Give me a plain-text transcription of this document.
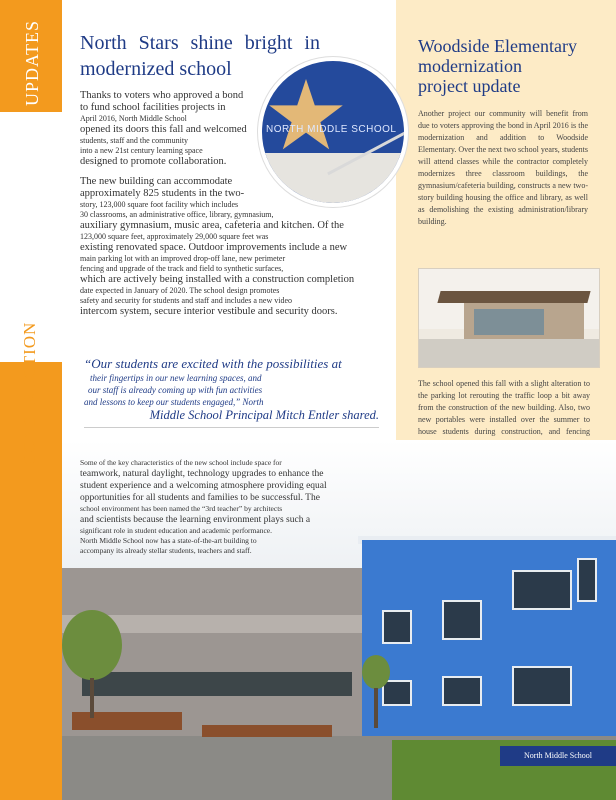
UPDATES
CONSTRUCTION
North Stars shine bright in modernized school
Thanks to voters who approved a bond
to fund school facilities projects in
April 2016, North Middle School
opened its doors this fall and welcomed
students, staff and the community
into a new 21st century learning space
designed to promote collaboration.
The new building can accommodate
approximately 825 students in the two-
story, 123,000 square foot facility which includes
30 classrooms, an administrative office, library, gymnasium,
auxiliary gymnasium, music area, cafeteria and kitchen. Of the
123,000 square feet, approximately 29,000 square feet was
existing renovated space. Outdoor improvements include a new
main parking lot with an improved drop-off lane, new perimeter
fencing and upgrade of the track and field to synthetic surfaces,
which are actively being installed with a construction completion
date expected in January of 2020. The school design promotes
safety and security for students and staff and includes a new video
intercom system, secure interior vestibule and security doors.
NORTH MIDDLE SCHOOL
“Our students are excited with the possibilities at
their fingertips in our new learning spaces, and
our staff is already coming up with fun activities
and lessons to keep our students engaged,” North
Middle School Principal Mitch Entler shared.
Woodside Elementary
modernization
project update

Another project our community will benefit from due to voters approving the bond in April 2016 is the modernization and addition to Woodside Elementary. Over the next two school years, students will attend classes while the contractor completely modernizes three classroom buildings, the gymnasium/cafeteria building, constructs a new two-story building housing the office and library, as well as demolishing the existing administration/library building.

The school opened this fall with a slight alteration to the parking lot rerouting the traffic loop a bit away from the construction of the new building. Also, two new portables were installed over the summer to house students during construction, and fencing

Some of the key characteristics of the new school include space for
teamwork, natural daylight, technology upgrades to enhance the
student experience and a welcoming atmosphere providing equal
opportunities for all students and families to be successful. The
school environment has been named the “3rd teacher” by architects
and scientists because the learning environment plays such a
significant role in student education and academic performance.
North Middle School now has a state-of-the-art building to
accompany its already stellar students, teachers and staff.
North Middle School
